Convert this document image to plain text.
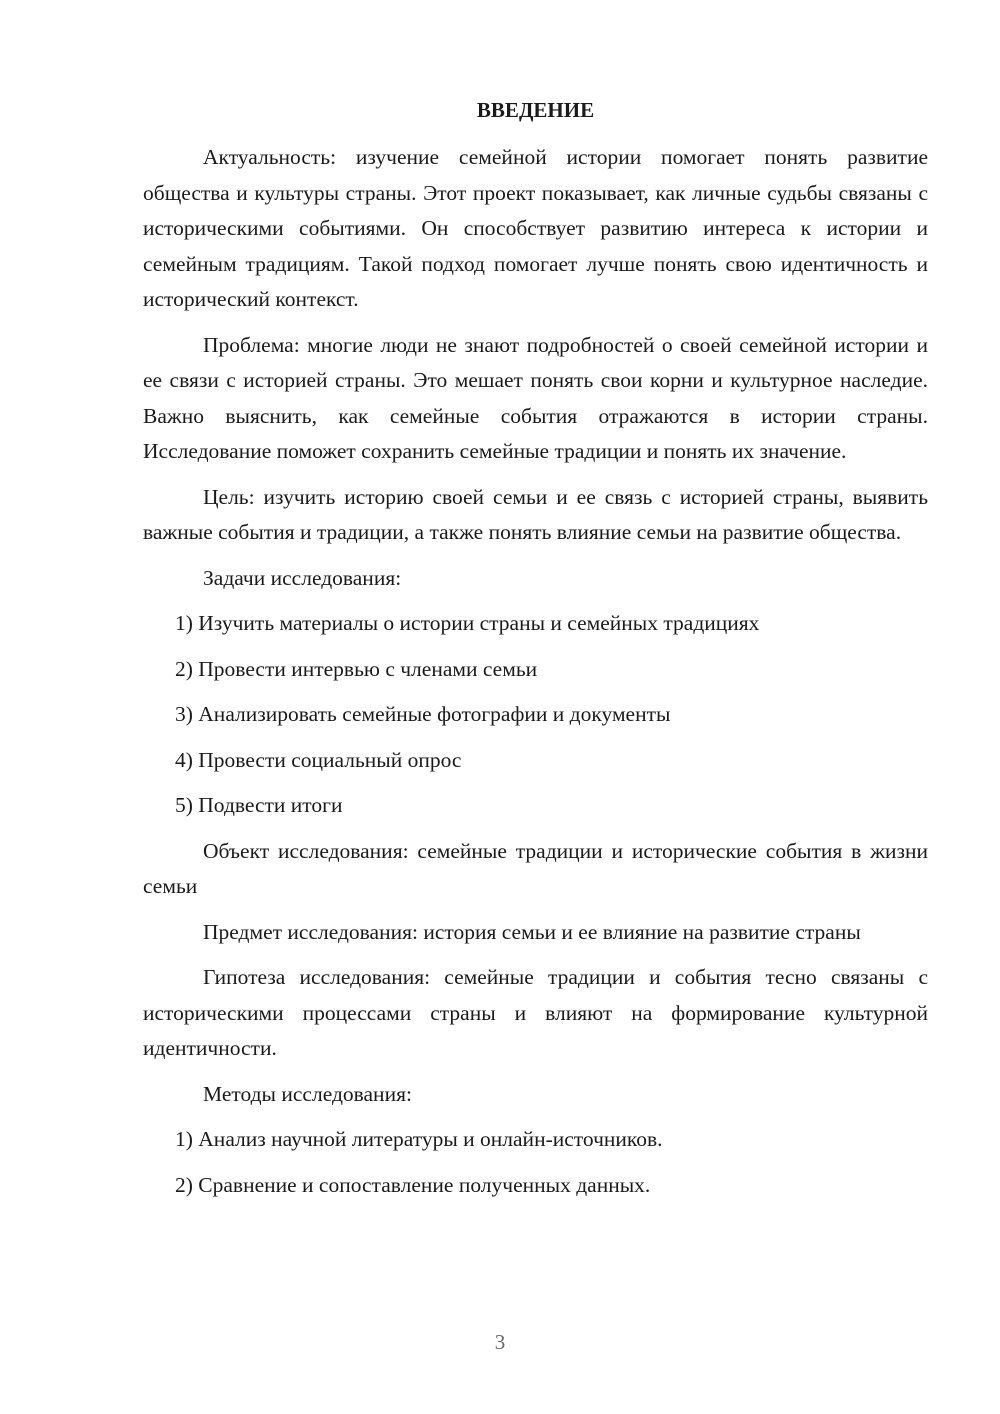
ВВЕДЕНИЕ

Актуальность: изучение семейной истории помогает понять развитие общества и культуры страны. Этот проект показывает, как личные судьбы связаны с историческими событиями. Он способствует развитию интереса к истории и семейным традициям. Такой подход помогает лучше понять свою идентичность и исторический контекст.

Проблема: многие люди не знают подробностей о своей семейной истории и ее связи с историей страны. Это мешает понять свои корни и культурное наследие. Важно выяснить, как семейные события отражаются в истории страны. Исследование поможет сохранить семейные традиции и понять их значение.

Цель: изучить историю своей семьи и ее связь с историей страны, выявить важные события и традиции, а также понять влияние семьи на развитие общества.

Задачи исследования:

1) Изучить материалы о истории страны и семейных традициях
2) Провести интервью с членами семьи
3) Анализировать семейные фотографии и документы
4) Провести социальный опрос
5) Подвести итоги

Объект исследования: семейные традиции и исторические события в жизни семьи

Предмет исследования: история семьи и ее влияние на развитие страны

Гипотеза исследования: семейные традиции и события тесно связаны с историческими процессами страны и влияют на формирование культурной идентичности.

Методы исследования:

1) Анализ научной литературы и онлайн-источников.
2) Сравнение и сопоставление полученных данных.
3
